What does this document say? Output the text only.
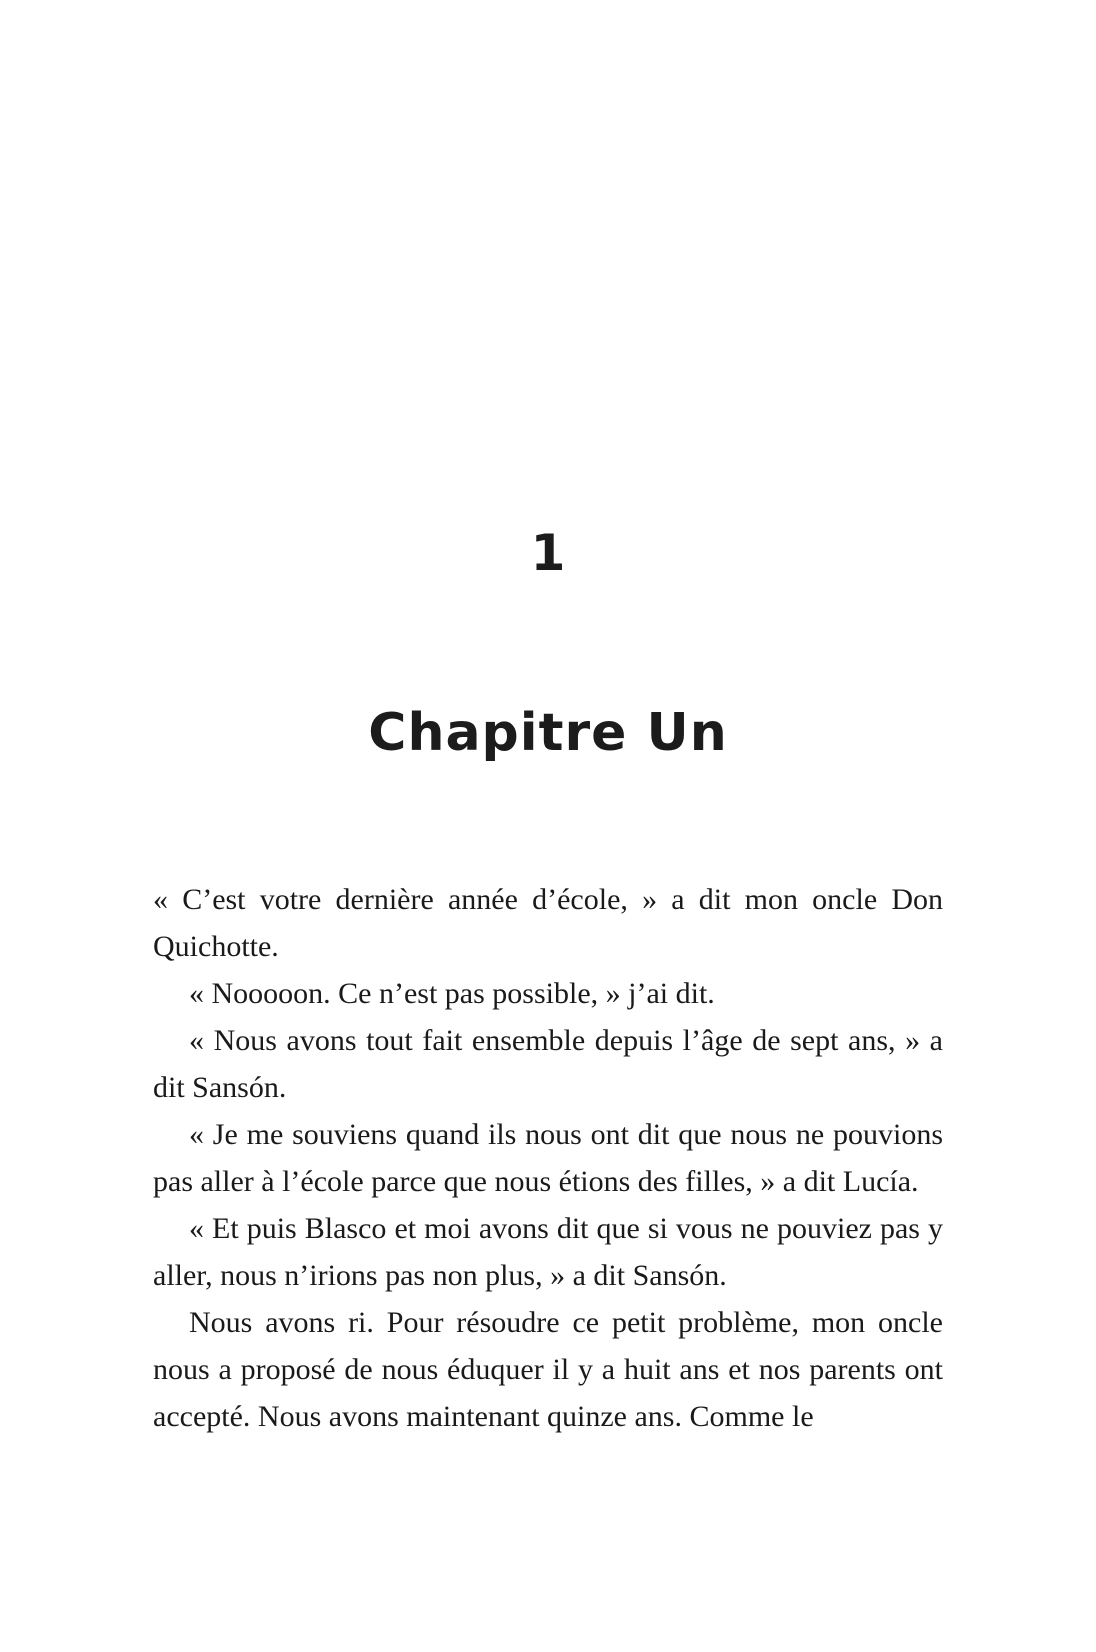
1
Chapitre Un

« C’est votre dernière année d’école, » a dit mon oncle Don Quichotte.

« Nooooon. Ce n’est pas possible, » j’ai dit.

« Nous avons tout fait ensemble depuis l’âge de sept ans, » a dit Sansón.

« Je me souviens quand ils nous ont dit que nous ne pouvions pas aller à l’école parce que nous étions des filles, » a dit Lucía.

« Et puis Blasco et moi avons dit que si vous ne pouviez pas y aller, nous n’irions pas non plus, » a dit Sansón.

Nous avons ri. Pour résoudre ce petit problème, mon oncle nous a proposé de nous éduquer il y a huit ans et nos parents ont accepté. Nous avons maintenant quinze ans. Comme le
